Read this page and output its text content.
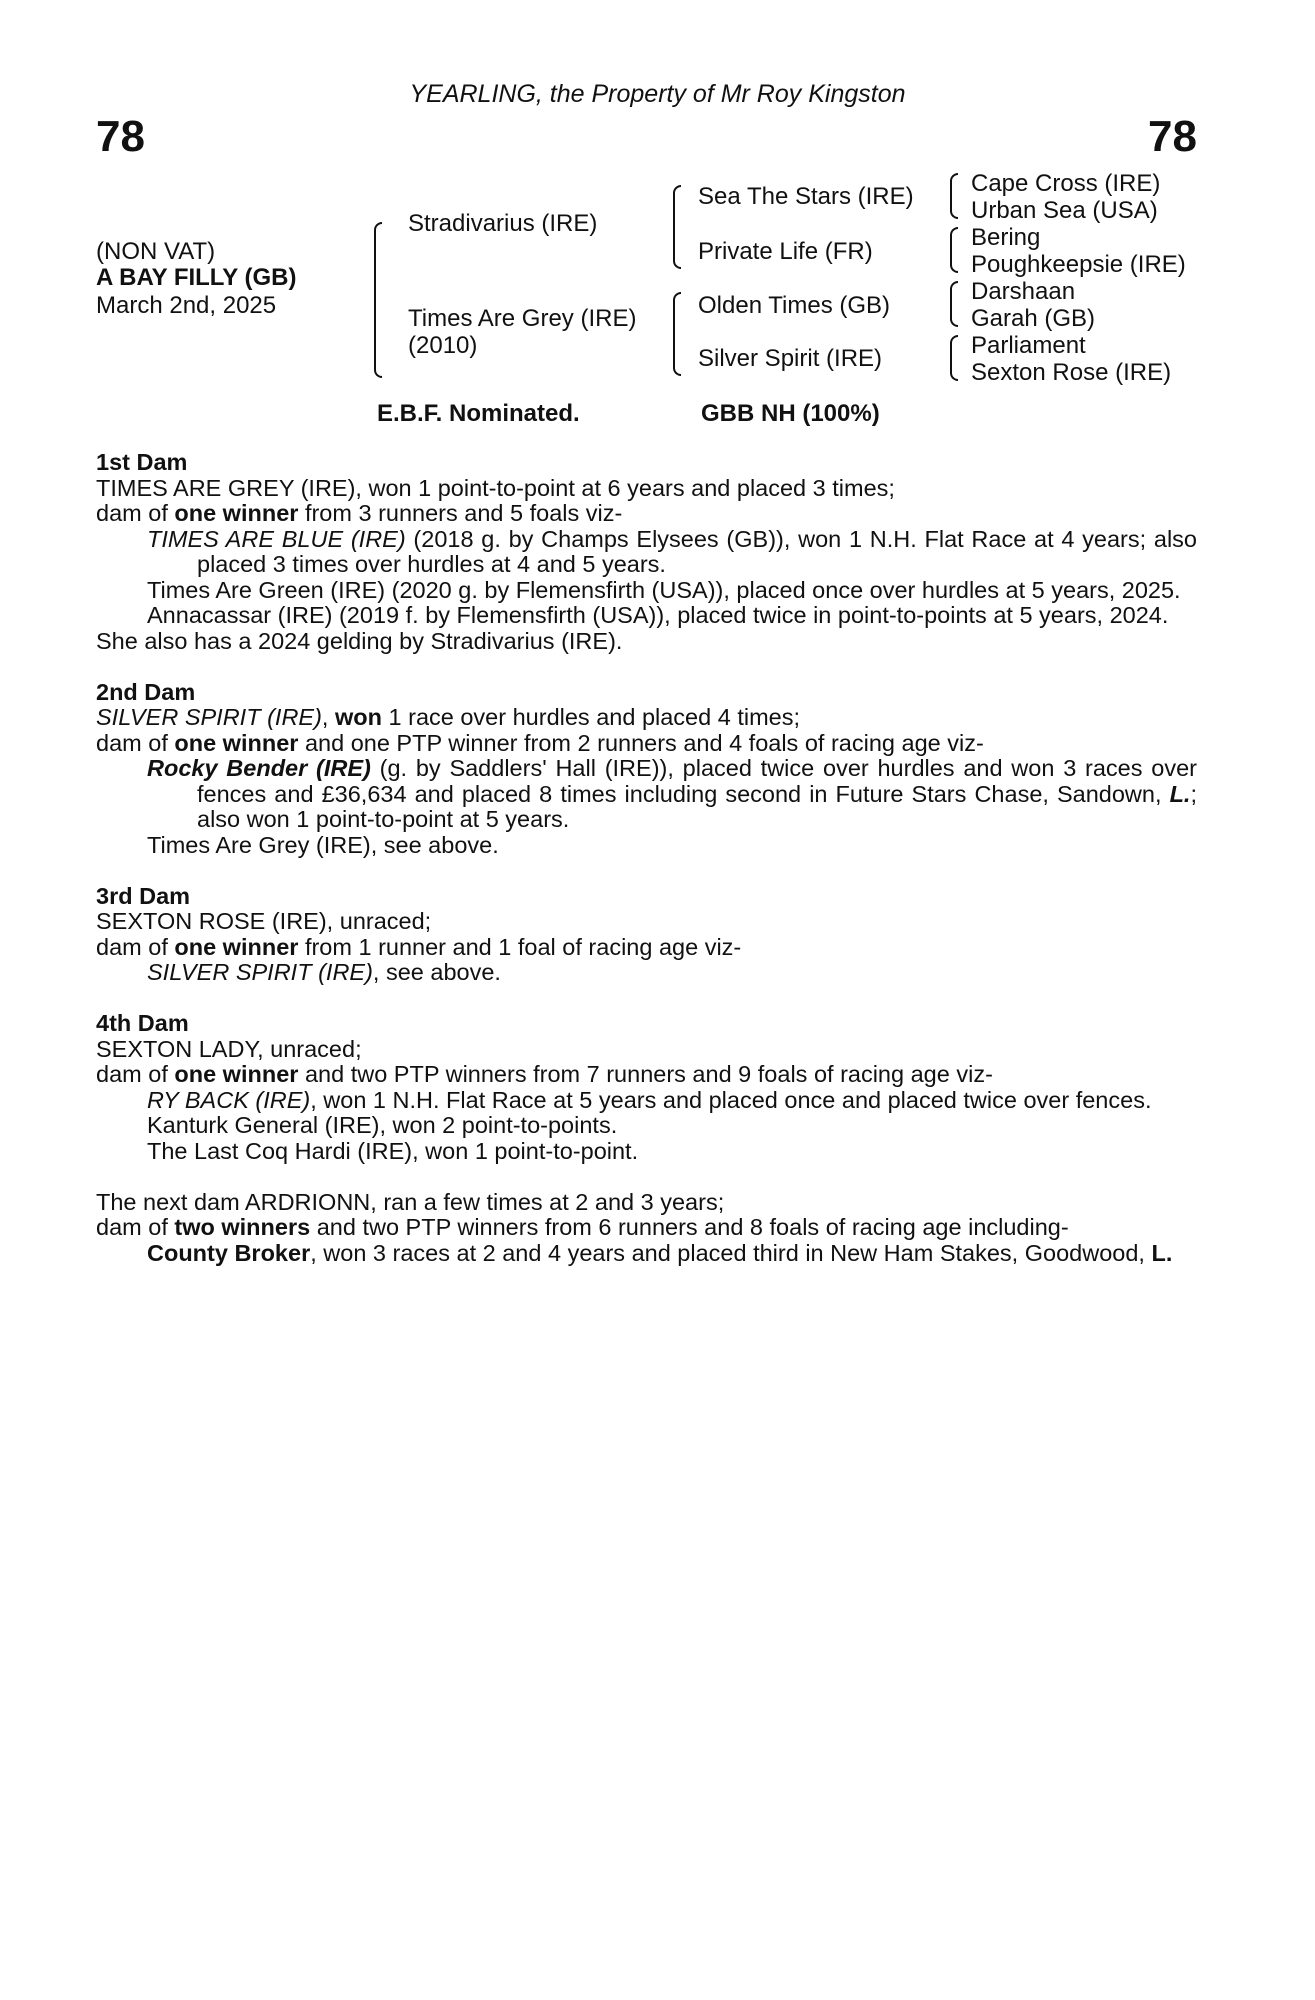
YEARLING, the Property of Mr Roy Kingston
78	78
(NON VAT)
A BAY FILLY (GB)
March 2nd, 2025
Stradivarius (IRE)
Times Are Grey (IRE)
(2010)
Sea The Stars (IRE)
Private Life (FR)
Olden Times (GB)
Silver Spirit (IRE)
Cape Cross (IRE)
Urban Sea (USA)
Bering
Poughkeepsie (IRE)
Darshaan
Garah (GB)
Parliament
Sexton Rose (IRE)
E.B.F. Nominated.	GBB NH (100%)
1st Dam
TIMES ARE GREY (IRE), won 1 point-to-point at 6 years and placed 3 times;
dam of one winner from 3 runners and 5 foals viz-
TIMES ARE BLUE (IRE) (2018 g. by Champs Elysees (GB)), won 1 N.H. Flat Race at 4 years; also placed 3 times over hurdles at 4 and 5 years.
Times Are Green (IRE) (2020 g. by Flemensfirth (USA)), placed once over hurdles at 5 years, 2025.
Annacassar (IRE) (2019 f. by Flemensfirth (USA)), placed twice in point-to-points at 5 years, 2024.
She also has a 2024 gelding by Stradivarius (IRE).
2nd Dam
SILVER SPIRIT (IRE), won 1 race over hurdles and placed 4 times;
dam of one winner and one PTP winner from 2 runners and 4 foals of racing age viz-
Rocky Bender (IRE) (g. by Saddlers' Hall (IRE)), placed twice over hurdles and won 3 races over fences and £36,634 and placed 8 times including second in Future Stars Chase, Sandown, L.; also won 1 point-to-point at 5 years.
Times Are Grey (IRE), see above.
3rd Dam
SEXTON ROSE (IRE), unraced;
dam of one winner from 1 runner and 1 foal of racing age viz-
SILVER SPIRIT (IRE), see above.
4th Dam
SEXTON LADY, unraced;
dam of one winner and two PTP winners from 7 runners and 9 foals of racing age viz-
RY BACK (IRE), won 1 N.H. Flat Race at 5 years and placed once and placed twice over fences.
Kanturk General (IRE), won 2 point-to-points.
The Last Coq Hardi (IRE), won 1 point-to-point.
The next dam ARDRIONN, ran a few times at 2 and 3 years;
dam of two winners and two PTP winners from 6 runners and 8 foals of racing age including-
County Broker, won 3 races at 2 and 4 years and placed third in New Ham Stakes, Goodwood, L.
